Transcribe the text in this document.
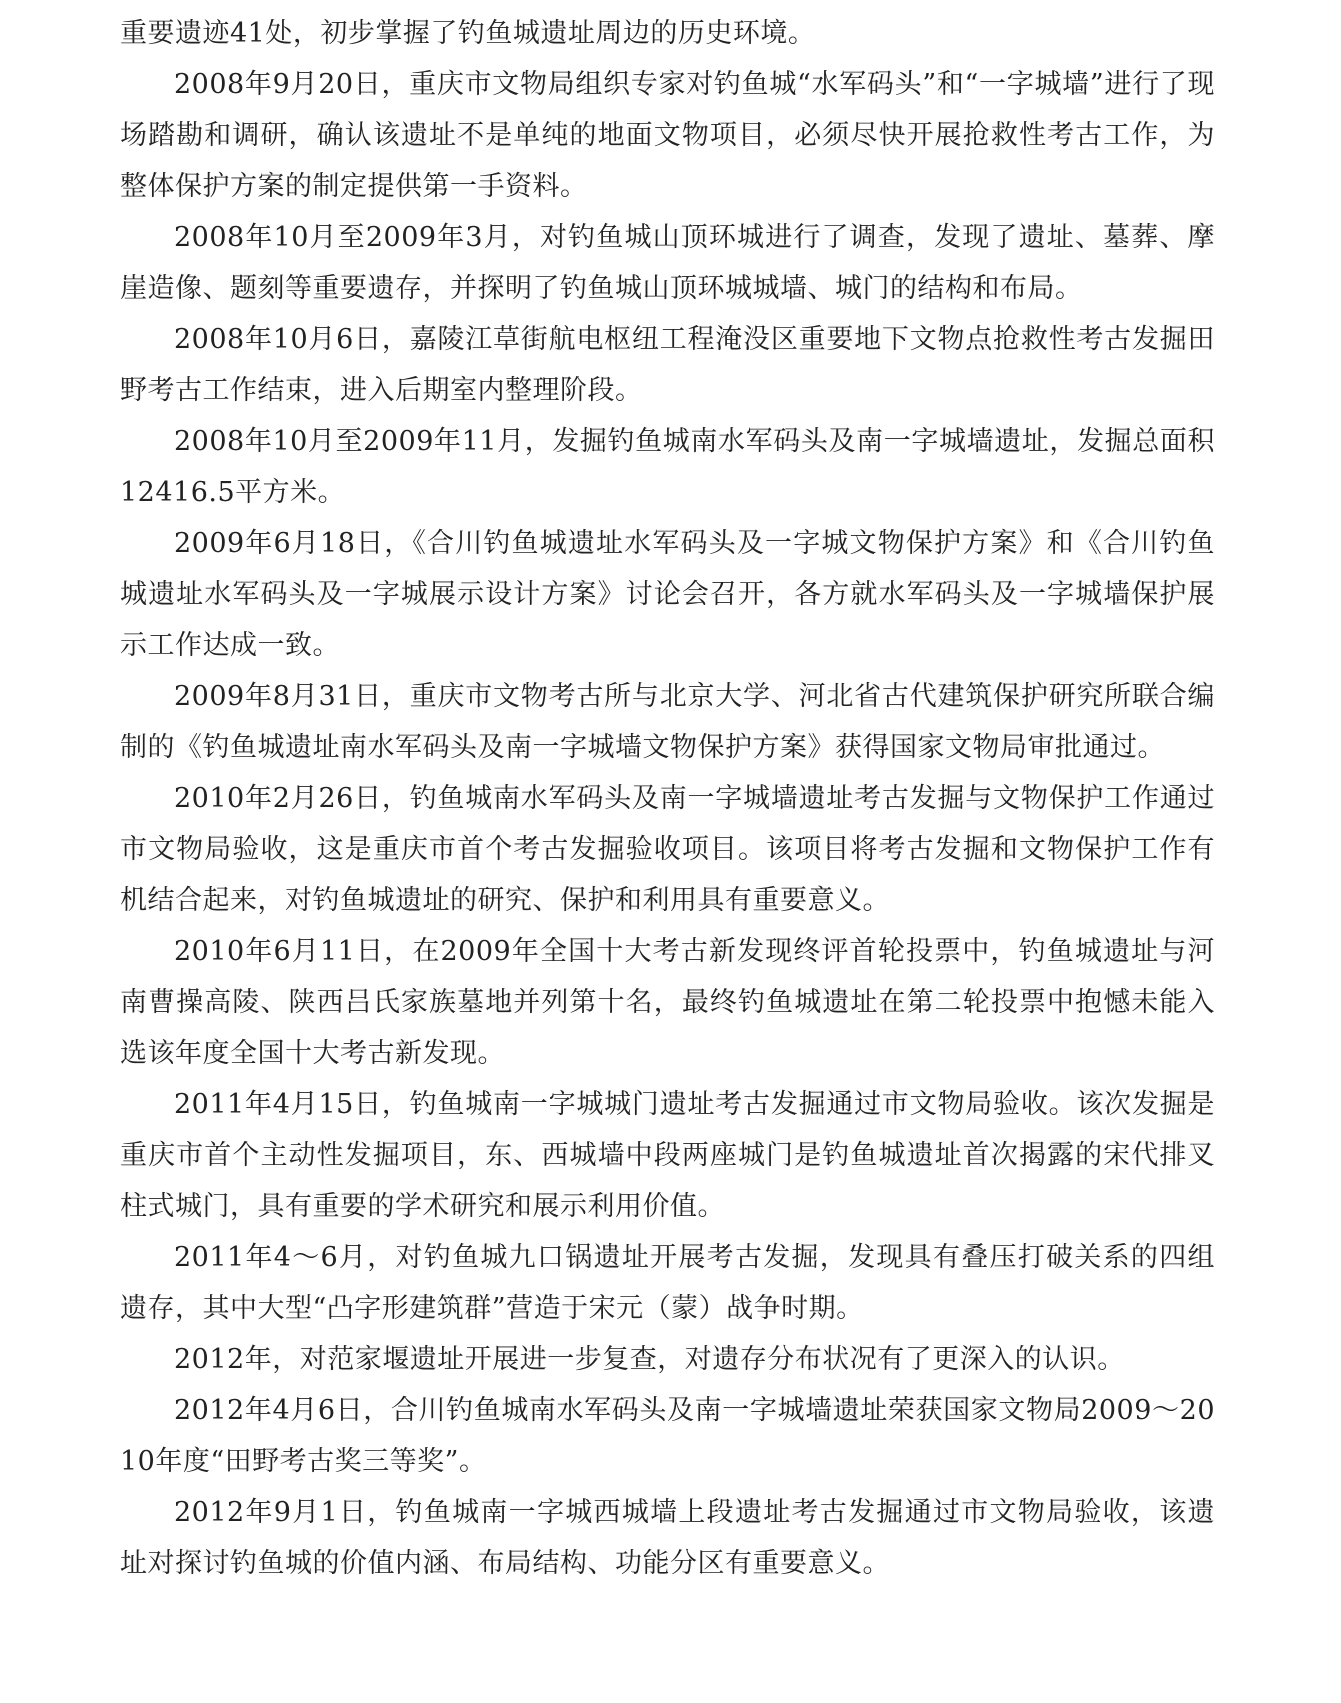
重要遗迹41处，初步掌握了钓鱼城遗址周边的历史环境。

2008年9月20日，重庆市文物局组织专家对钓鱼城“水军码头”和“一字城墙”进行了现场踏勘和调研，确认该遗址不是单纯的地面文物项目，必须尽快开展抢救性考古工作，为整体保护方案的制定提供第一手资料。

2008年10月至2009年3月，对钓鱼城山顶环城进行了调查，发现了遗址、墓葬、摩崖造像、题刻等重要遗存，并探明了钓鱼城山顶环城城墙、城门的结构和布局。

2008年10月6日，嘉陵江草街航电枢纽工程淹没区重要地下文物点抢救性考古发掘田野考古工作结束，进入后期室内整理阶段。

2008年10月至2009年11月，发掘钓鱼城南水军码头及南一字城墙遗址，发掘总面积12416.5平方米。

2009年6月18日，《合川钓鱼城遗址水军码头及一字城文物保护方案》和《合川钓鱼城遗址水军码头及一字城展示设计方案》讨论会召开，各方就水军码头及一字城墙保护展示工作达成一致。

2009年8月31日，重庆市文物考古所与北京大学、河北省古代建筑保护研究所联合编制的《钓鱼城遗址南水军码头及南一字城墙文物保护方案》获得国家文物局审批通过。

2010年2月26日，钓鱼城南水军码头及南一字城墙遗址考古发掘与文物保护工作通过市文物局验收，这是重庆市首个考古发掘验收项目。该项目将考古发掘和文物保护工作有机结合起来，对钓鱼城遗址的研究、保护和利用具有重要意义。

2010年6月11日，在2009年全国十大考古新发现终评首轮投票中，钓鱼城遗址与河南曹操高陵、陕西吕氏家族墓地并列第十名，最终钓鱼城遗址在第二轮投票中抱憾未能入选该年度全国十大考古新发现。

2011年4月15日，钓鱼城南一字城城门遗址考古发掘通过市文物局验收。该次发掘是重庆市首个主动性发掘项目，东、西城墙中段两座城门是钓鱼城遗址首次揭露的宋代排叉柱式城门，具有重要的学术研究和展示利用价值。

2011年4～6月，对钓鱼城九口锅遗址开展考古发掘，发现具有叠压打破关系的四组遗存，其中大型“凸字形建筑群”营造于宋元（蒙）战争时期。

2012年，对范家堰遗址开展进一步复查，对遗存分布状况有了更深入的认识。

2012年4月6日，合川钓鱼城南水军码头及南一字城墙遗址荣获国家文物局2009～2010年度“田野考古奖三等奖”。

2012年9月1日，钓鱼城南一字城西城墙上段遗址考古发掘通过市文物局验收，该遗址对探讨钓鱼城的价值内涵、布局结构、功能分区有重要意义。
